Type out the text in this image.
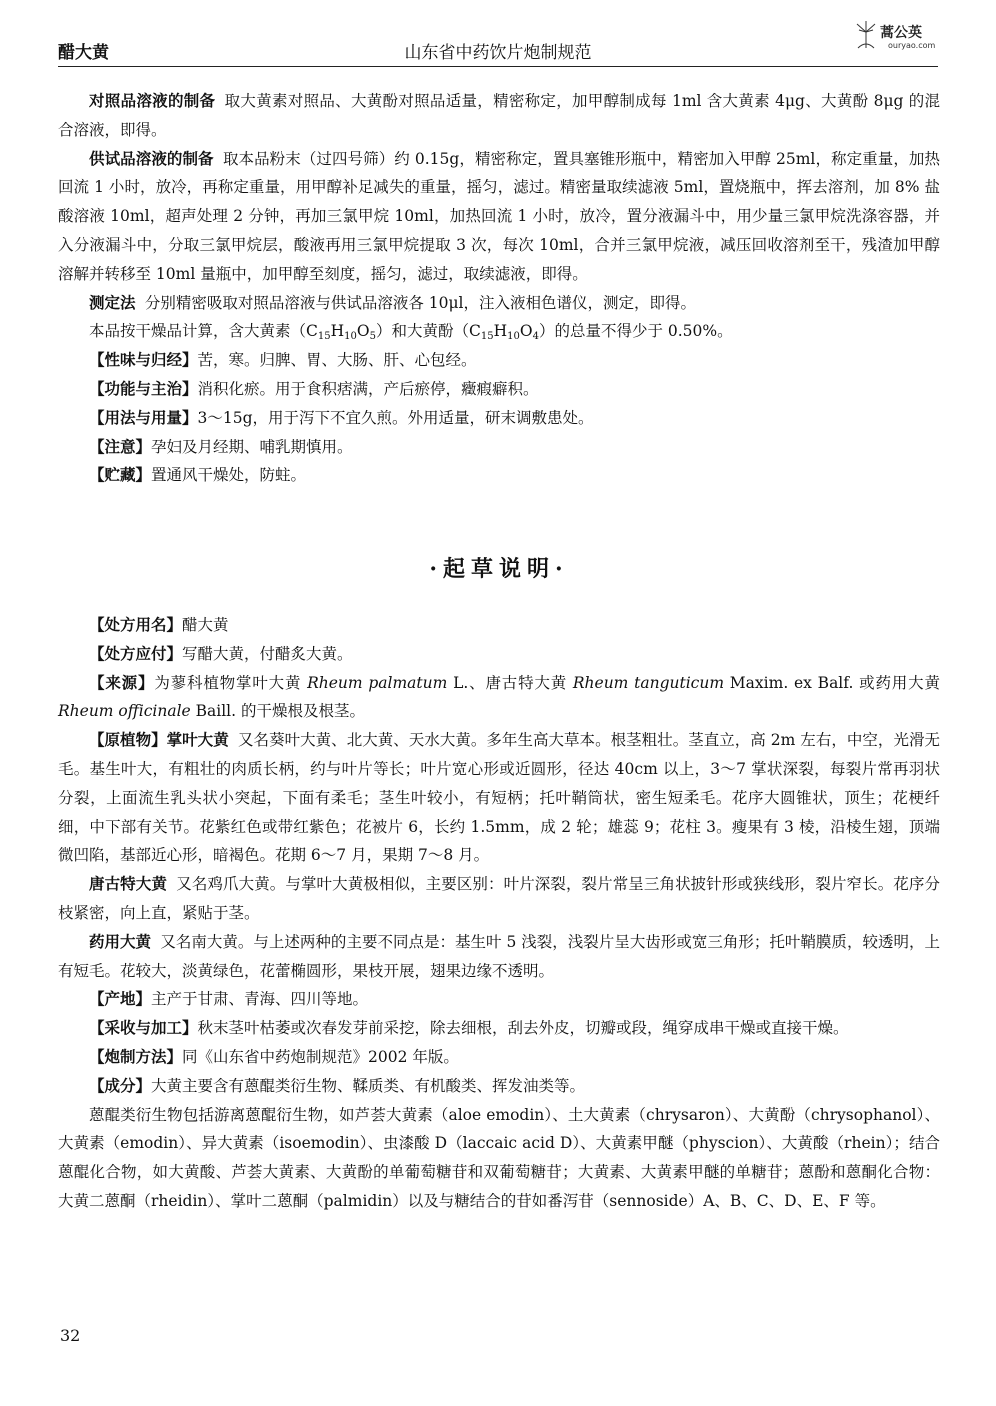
醋大黄	山东省中药饮片炮制规范
蒿公英
ouryao.com

对照品溶液的制备 取大黄素对照品、大黄酚对照品适量，精密称定，加甲醇制成每 1ml 含大黄素 4μg、大黄酚 8μg 的混合溶液，即得。

供试品溶液的制备 取本品粉末（过四号筛）约 0.15g，精密称定，置具塞锥形瓶中，精密加入甲醇 25ml，称定重量，加热回流 1 小时，放冷，再称定重量，用甲醇补足减失的重量，摇匀，滤过。精密量取续滤液 5ml，置烧瓶中，挥去溶剂，加 8% 盐酸溶液 10ml，超声处理 2 分钟，再加三氯甲烷 10ml，加热回流 1 小时，放冷，置分液漏斗中，用少量三氯甲烷洗涤容器，并入分液漏斗中，分取三氯甲烷层，酸液再用三氯甲烷提取 3 次，每次 10ml，合并三氯甲烷液，减压回收溶剂至干，残渣加甲醇溶解并转移至 10ml 量瓶中，加甲醇至刻度，摇匀，滤过，取续滤液，即得。

测定法 分别精密吸取对照品溶液与供试品溶液各 10μl，注入液相色谱仪，测定，即得。

本品按干燥品计算，含大黄素$(C_{15}H_{10}O_5)$和大黄酚$(C_{15}H_{10}O_4)$的总量不得少于 0.50%。

【性味与归经】苦，寒。归脾、胃、大肠、肝、心包经。

【功能与主治】消积化瘀。用于食积痞满，产后瘀停，癥瘕癖积。

【用法与用量】3～15g，用于泻下不宜久煎。外用适量，研末调敷患处。

【注意】孕妇及月经期、哺乳期慎用。

【贮藏】置通风干燥处，防蛀。

·起草说明·

【处方用名】醋大黄

【处方应付】写醋大黄，付醋炙大黄。

【来源】为蓼科植物掌叶大黄 Rheum palmatum L.、唐古特大黄 Rheum tanguticum Maxim. ex Balf. 或药用大黄 Rheum officinale Baill. 的干燥根及根茎。

【原植物】掌叶大黄 又名葵叶大黄、北大黄、天水大黄。多年生高大草本。根茎粗壮。茎直立，高 2m 左右，中空，光滑无毛。基生叶大，有粗壮的肉质长柄，约与叶片等长；叶片宽心形或近圆形，径达 40cm 以上，3～7 掌状深裂，每裂片常再羽状分裂，上面流生乳头状小突起，下面有柔毛；茎生叶较小，有短柄；托叶鞘筒状，密生短柔毛。花序大圆锥状，顶生；花梗纤细，中下部有关节。花紫红色或带红紫色；花被片 6，长约 1.5mm，成 2 轮；雄蕊 9；花柱 3。瘦果有 3 棱，沿棱生翅，顶端微凹陷，基部近心形，暗褐色。花期 6～7 月，果期 7～8 月。

唐古特大黄 又名鸡爪大黄。与掌叶大黄极相似，主要区别：叶片深裂，裂片常呈三角状披针形或狭线形，裂片窄长。花序分枝紧密，向上直，紧贴于茎。

药用大黄 又名南大黄。与上述两种的主要不同点是：基生叶 5 浅裂，浅裂片呈大齿形或宽三角形；托叶鞘膜质，较透明，上有短毛。花较大，淡黄绿色，花蕾椭圆形，果枝开展，翅果边缘不透明。

【产地】主产于甘肃、青海、四川等地。

【采收与加工】秋末茎叶枯萎或次春发芽前采挖，除去细根，刮去外皮，切瓣或段，绳穿成串干燥或直接干燥。

【炮制方法】同《山东省中药炮制规范》2002 年版。

【成分】大黄主要含有蒽醌类衍生物、鞣质类、有机酸类、挥发油类等。

蒽醌类衍生物包括游离蒽醌衍生物，如芦荟大黄素（aloe emodin）、土大黄素（chrysaron）、大黄酚（chrysophanol）、大黄素（emodin）、异大黄素（isoemodin）、虫漆酸 D（laccaic acid D）、大黄素甲醚（physcion）、大黄酸（rhein）；结合蒽醌化合物，如大黄酸、芦荟大黄素、大黄酚的单葡萄糖苷和双葡萄糖苷；大黄素、大黄素甲醚的单糖苷；蒽酚和蒽酮化合物：大黄二蒽酮（rheidin）、掌叶二蒽酮（palmidin）以及与糖结合的苷如番泻苷（sennoside）A、B、C、D、E、F 等。

32
